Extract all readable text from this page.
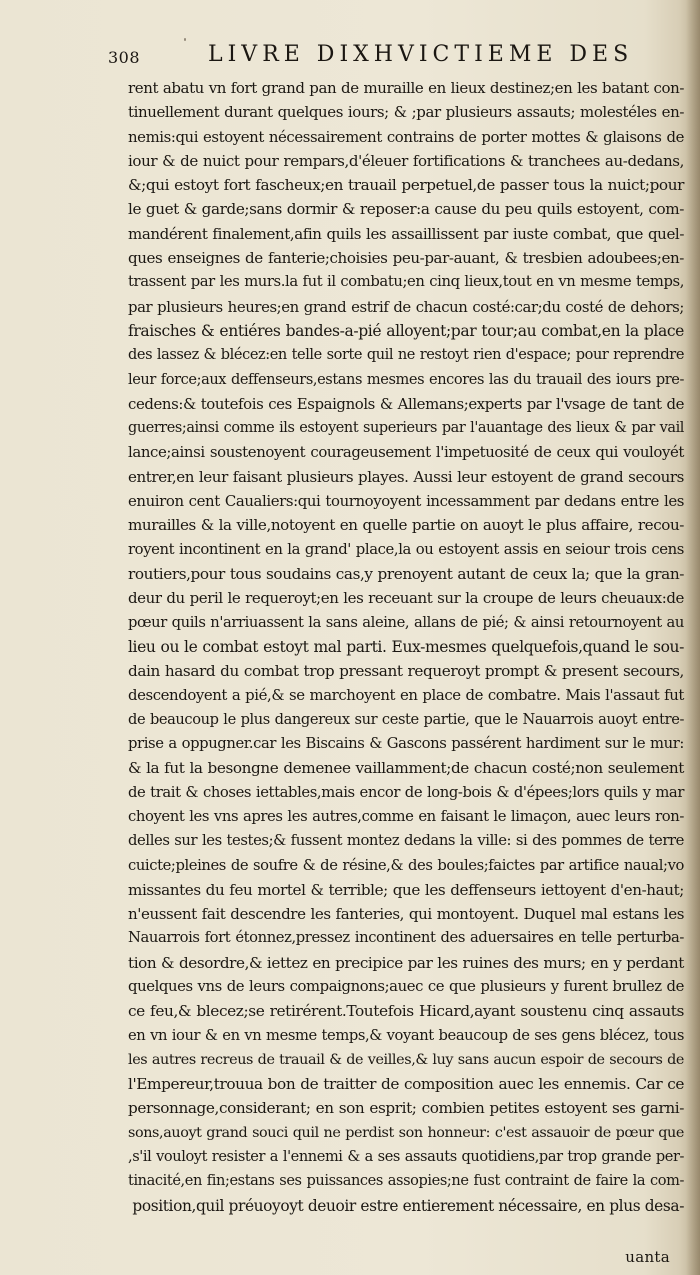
308	LIVRE DIXHVICTIEME DES
rent abatu vn fort grand pan de muraille en lieux destinez;en les batant con-
tinuellement durant quelques iours; & ;par plusieurs assauts; molestéles en-
nemis:qui estoyent nécessairement contrains de porter mottes & glaisons de
iour & de nuict pour rempars,d'éleuer fortifications & tranchees au-dedans,
&;qui estoyt fort fascheux;en trauail perpetuel,de passer tous la nuict;pour
le guet & garde;sans dormir & reposer:a cause du peu quils estoyent, com-
mandérent finalement,afin quils les assaillissent par iuste combat, que quel-
ques enseignes de fanterie;choisies peu-par-auant, & tresbien adoubees;en-
trassent par les murs.la fut il combatu;en cinq lieux,tout en vn mesme temps,
par plusieurs heures;en grand estrif de chacun costé:car;du costé de dehors;
fraisches & entiéres bandes-a-pié alloyent;par tour;au combat,en la place
des lassez & blécez:en telle sorte quil ne restoyt rien d'espace; pour reprendre
leur force;aux deffenseurs,estans mesmes encores las du trauail des iours pre-
cedens:& toutefois ces Espaignols & Allemans;experts par l'vsage de tant de
guerres;ainsi comme ils estoyent superieurs par l'auantage des lieux & par vail
lance;ainsi soustenoyent courageusement l'impetuosité de ceux qui vouloyét
entrer,en leur faisant plusieurs playes. Aussi leur estoyent de grand secours
enuiron cent Caualiers:qui tournoyoyent incessamment par dedans entre les
murailles & la ville,notoyent en quelle partie on auoyt le plus affaire, recou-
royent incontinent en la grand' place,la ou estoyent assis en seiour trois cens
routiers,pour tous soudains cas,y prenoyent autant de ceux la; que la gran-
deur du peril le requeroyt;en les receuant sur la croupe de leurs cheuaux:de
pœur quils n'arriuassent la sans aleine, allans de pié; & ainsi retournoyent au
lieu ou le combat estoyt mal parti. Eux-mesmes quelquefois,quand le sou-
dain hasard du combat trop pressant requeroyt prompt & present secours,
descendoyent a pié,& se marchoyent en place de combatre. Mais l'assaut fut
de beaucoup le plus dangereux sur ceste partie, que le Nauarrois auoyt entre-
prise a oppugner.car les Biscains & Gascons passérent hardiment sur le mur:
& la fut la besongne demenee vaillamment;de chacun costé;non seulement
de trait & choses iettables,mais encor de long-bois & d'épees;lors quils y mar
choyent les vns apres les autres,comme en faisant le limaçon, auec leurs ron-
delles sur les testes;& fussent montez dedans la ville: si des pommes de terre
cuicte;pleines de soufre & de résine,& des boules;faictes par artifice naual;vo
missantes du feu mortel & terrible; que les deffenseurs iettoyent d'en-haut;
n'eussent fait descendre les fanteries, qui montoyent. Duquel mal estans les
Nauarrois fort étonnez,pressez incontinent des aduersaires en telle perturba-
tion & desordre,& iettez en precipice par les ruines des murs; en y perdant
quelques vns de leurs compaignons;auec ce que plusieurs y furent brullez de
ce feu,& blecez;se retirérent.Toutefois Hicard,ayant soustenu cinq assauts
en vn iour & en vn mesme temps,& voyant beaucoup de ses gens blécez, tous
les autres recreus de trauail & de veilles,& luy sans aucun espoir de secours de
l'Empereur,trouua bon de traitter de composition auec les ennemis. Car ce
personnage,considerant; en son esprit; combien petites estoyent ses garni-
sons,auoyt grand souci quil ne perdist son honneur: c'est assauoir de pœur que
,s'il vouloyt resister a l'ennemi & a ses assauts quotidiens,par trop grande per-
tinacité,en fin;estans ses puissances assopies;ne fust contraint de faire la com-
position,quil préuoyoyt deuoir estre entierement nécessaire, en plus desa-
uanta
